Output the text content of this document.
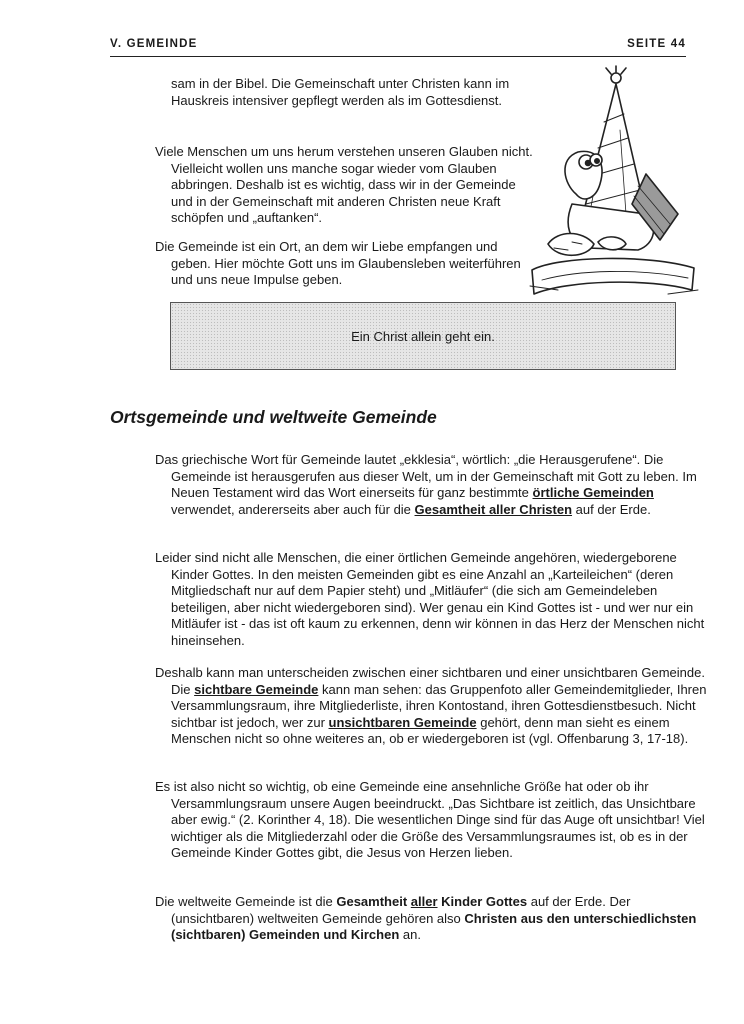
V. GEMEINDE	SEITE 44
sam in der Bibel. Die Gemeinschaft unter Christen kann im Hauskreis intensiver gepflegt werden als im Gottesdienst.
Viele Menschen um uns herum verstehen unseren Glauben nicht. Vielleicht wollen uns manche sogar wieder vom Glauben abbringen. Deshalb ist es wichtig, dass wir in der Gemeinde und in der Gemeinschaft mit anderen Christen neue Kraft schöpfen und „auftanken“.
Die Gemeinde ist ein Ort, an dem wir Liebe empfangen und geben. Hier möchte Gott uns im Glaubensleben weiterführen und uns neue Impulse geben.
Ein Christ allein geht ein.
Ortsgemeinde und weltweite Gemeinde
Das griechische Wort für Gemeinde lautet „ekklesia“, wörtlich: „die Herausgerufene“. Die Gemeinde ist herausgerufen aus dieser Welt, um in der Gemeinschaft mit Gott zu leben. Im Neuen Testament wird das Wort einerseits für ganz bestimmte örtliche Gemeinden verwendet, andererseits aber auch für die Gesamtheit aller Christen auf der Erde.
Leider sind nicht alle Menschen, die einer örtlichen Gemeinde angehören, wiedergeborene Kinder Gottes. In den meisten Gemeinden gibt es eine Anzahl an „Karteileichen“ (deren Mitgliedschaft nur auf dem Papier steht) und „Mitläufer“ (die sich am Gemeindeleben beteiligen, aber nicht wiedergeboren sind). Wer genau ein Kind Gottes ist - und wer nur ein Mitläufer ist - das ist oft kaum zu erkennen, denn wir können in das Herz der Menschen nicht hineinsehen.
Deshalb kann man unterscheiden zwischen einer sichtbaren und einer unsichtbaren Gemeinde. Die sichtbare Gemeinde kann man sehen: das Gruppenfoto aller Gemeindemitglieder, Ihren Versammlungsraum, ihre Mitgliederliste, ihren Kontostand, ihren Gottesdienstbesuch. Nicht sichtbar ist jedoch, wer zur unsichtbaren Gemeinde gehört, denn man sieht es einem Menschen nicht so ohne weiteres an, ob er wiedergeboren ist (vgl. Offenbarung 3, 17-18).
Es ist also nicht so wichtig, ob eine Gemeinde eine ansehnliche Größe hat oder ob ihr Versammlungsraum unsere Augen beeindruckt. „Das Sichtbare ist zeitlich, das Unsichtbare aber ewig.“ (2. Korinther 4, 18). Die wesentlichen Dinge sind für das Auge oft unsichtbar! Viel wichtiger als die Mitgliederzahl oder die Größe des Versammlungsraumes ist, ob es in der Gemeinde Kinder Gottes gibt, die Jesus von Herzen lieben.
Die weltweite Gemeinde ist die Gesamtheit aller Kinder Gottes auf der Erde. Der (unsichtbaren) weltweiten Gemeinde gehören also Christen aus den unterschiedlichsten (sichtbaren) Gemeinden und Kirchen an.
